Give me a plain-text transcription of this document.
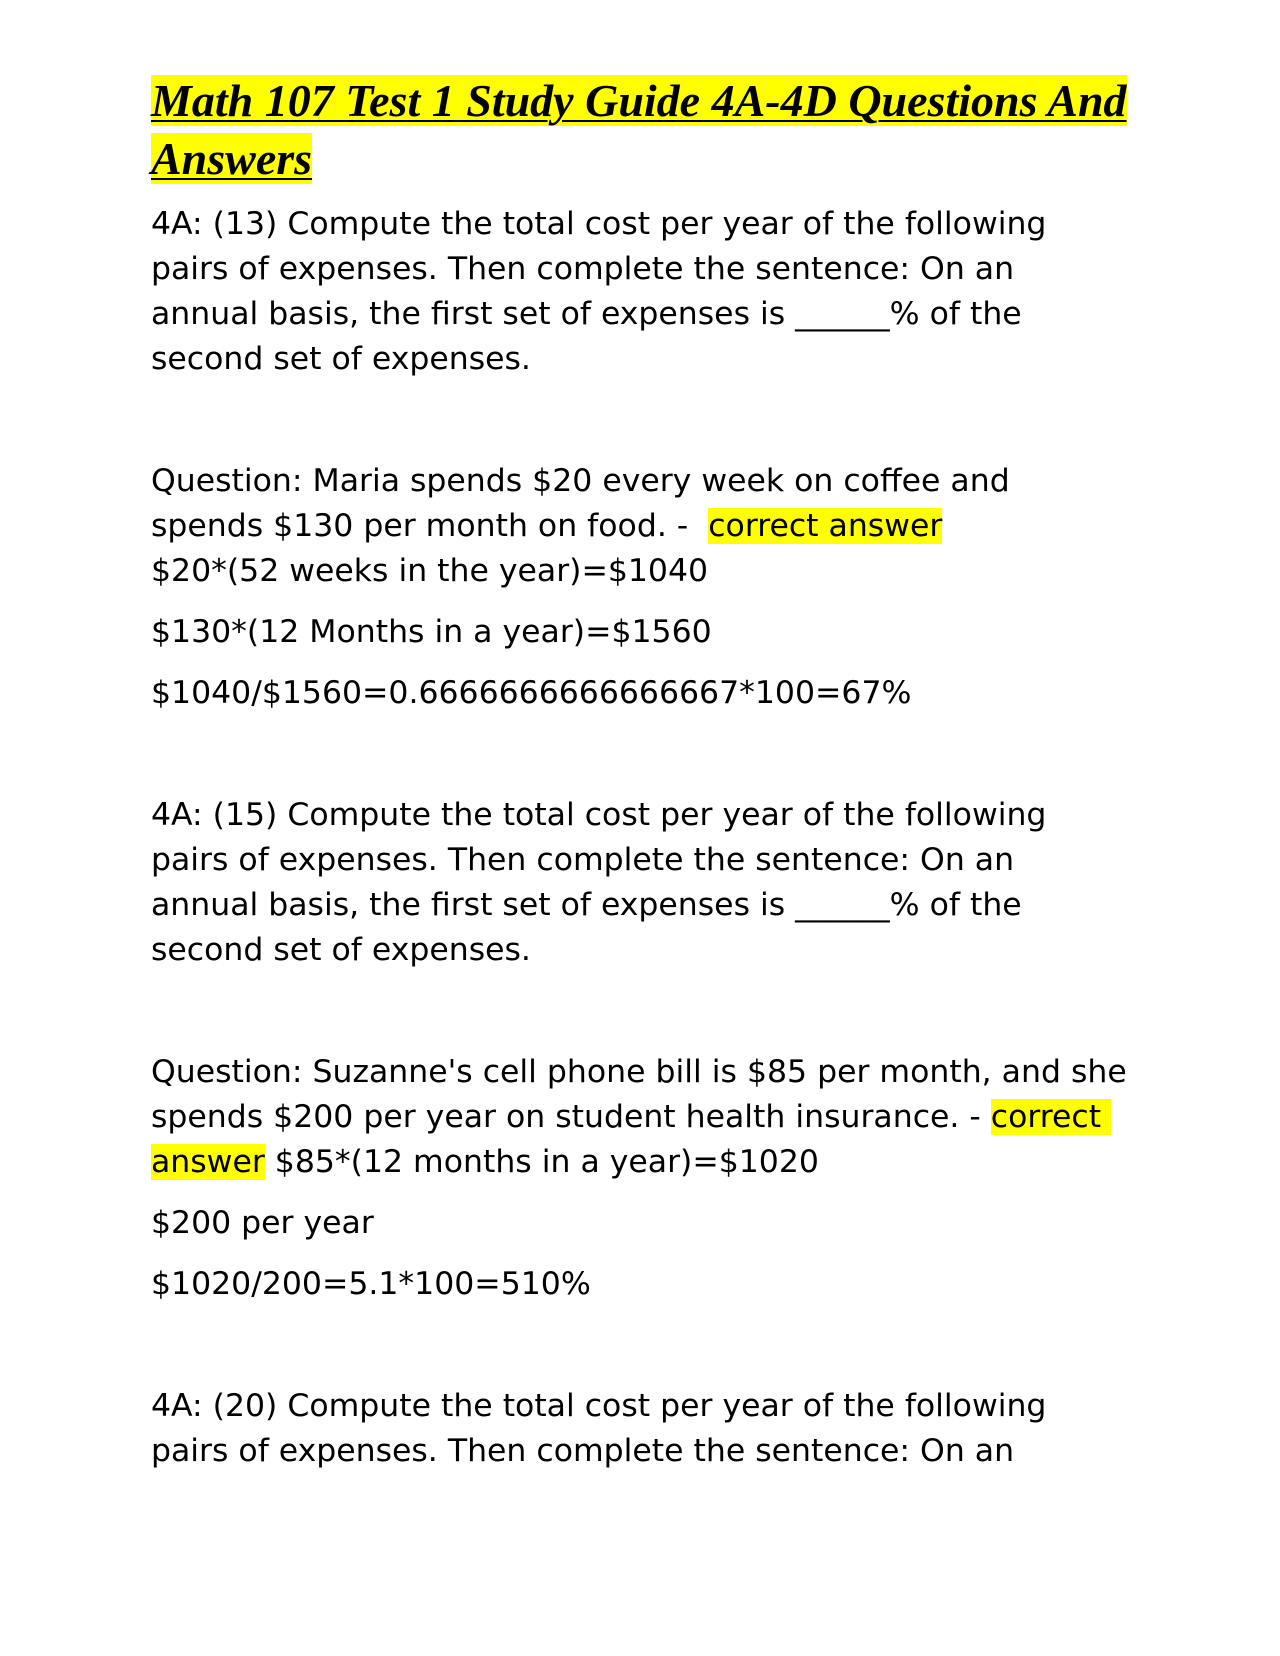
Math 107 Test 1 Study Guide 4A-4D Questions And Answers

4A: (13) Compute the total cost per year of the following pairs of expenses. Then complete the sentence: On an annual basis, the first set of expenses is ______% of the second set of expenses.

Question: Maria spends $20 every week on coffee and spends $130 per month on food. -  correct answer
$20*(52 weeks in the year)=$1040

$130*(12 Months in a year)=$1560

$1040/$1560=0.6666666666666667*100=67%

4A: (15) Compute the total cost per year of the following pairs of expenses. Then complete the sentence: On an annual basis, the first set of expenses is ______% of the second set of expenses.

Question: Suzanne's cell phone bill is $85 per month, and she spends $200 per year on student health insurance. - correct answer $85*(12 months in a year)=$1020

$200 per year

$1020/200=5.1*100=510%

4A: (20) Compute the total cost per year of the following pairs of expenses. Then complete the sentence: On an
